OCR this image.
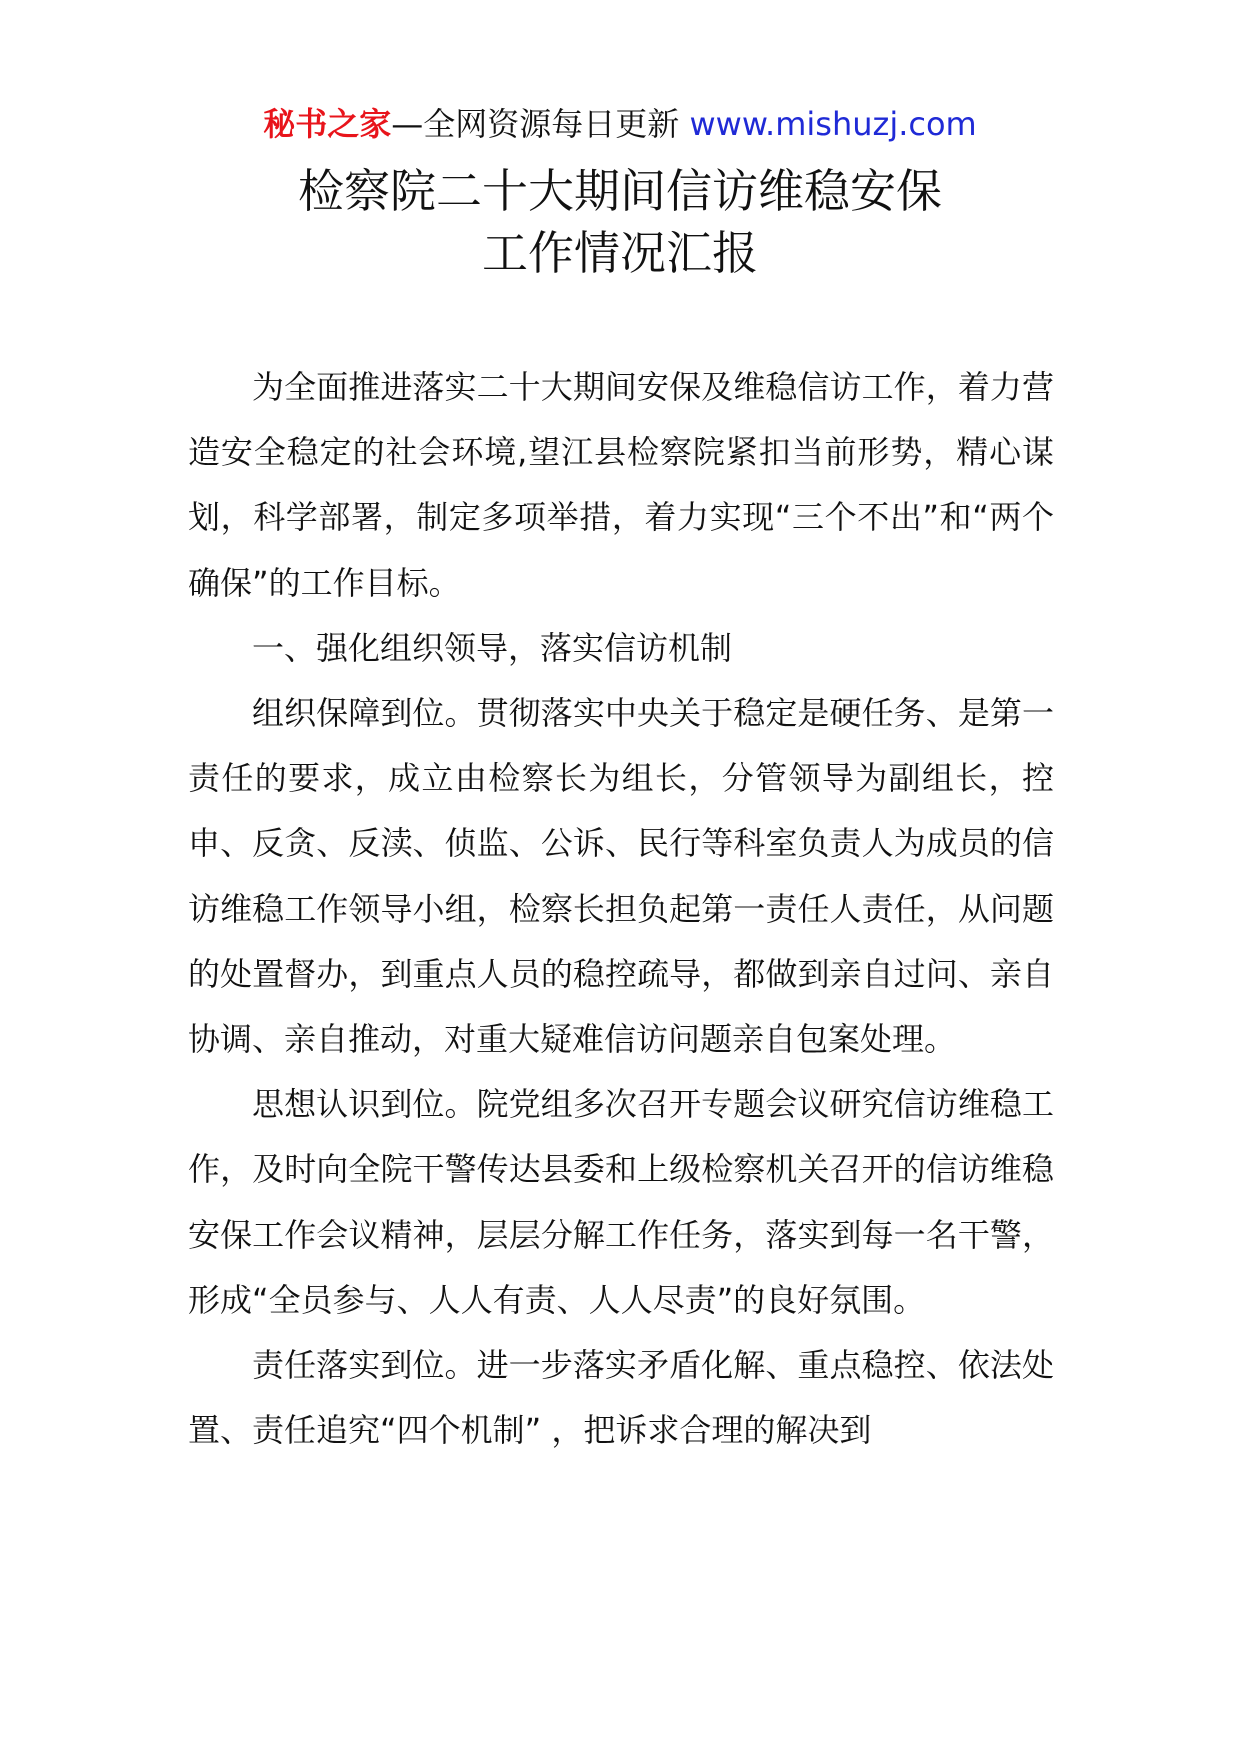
秘书之家—全网资源每日更新 www.mishuzj.com
检察院二十大期间信访维稳安保
工作情况汇报

为全面推进落实二十大期间安保及维稳信访工作，着力营造安全稳定的社会环境,望江县检察院紧扣当前形势，精心谋划，科学部署，制定多项举措，着力实现“三个不出”和“两个确保”的工作目标。

一、强化组织领导，落实信访机制

组织保障到位。贯彻落实中央关于稳定是硬任务、是第一责任的要求，成立由检察长为组长，分管领导为副组长，控申、反贪、反渎、侦监、公诉、民行等科室负责人为成员的信访维稳工作领导小组，检察长担负起第一责任人责任，从问题的处置督办，到重点人员的稳控疏导，都做到亲自过问、亲自协调、亲自推动，对重大疑难信访问题亲自包案处理。

思想认识到位。院党组多次召开专题会议研究信访维稳工作，及时向全院干警传达县委和上级检察机关召开的信访维稳安保工作会议精神，层层分解工作任务，落实到每一名干警，形成“全员参与、人人有责、人人尽责”的良好氛围。

责任落实到位。进一步落实矛盾化解、重点稳控、依法处置、责任追究“四个机制” ，把诉求合理的解决到
